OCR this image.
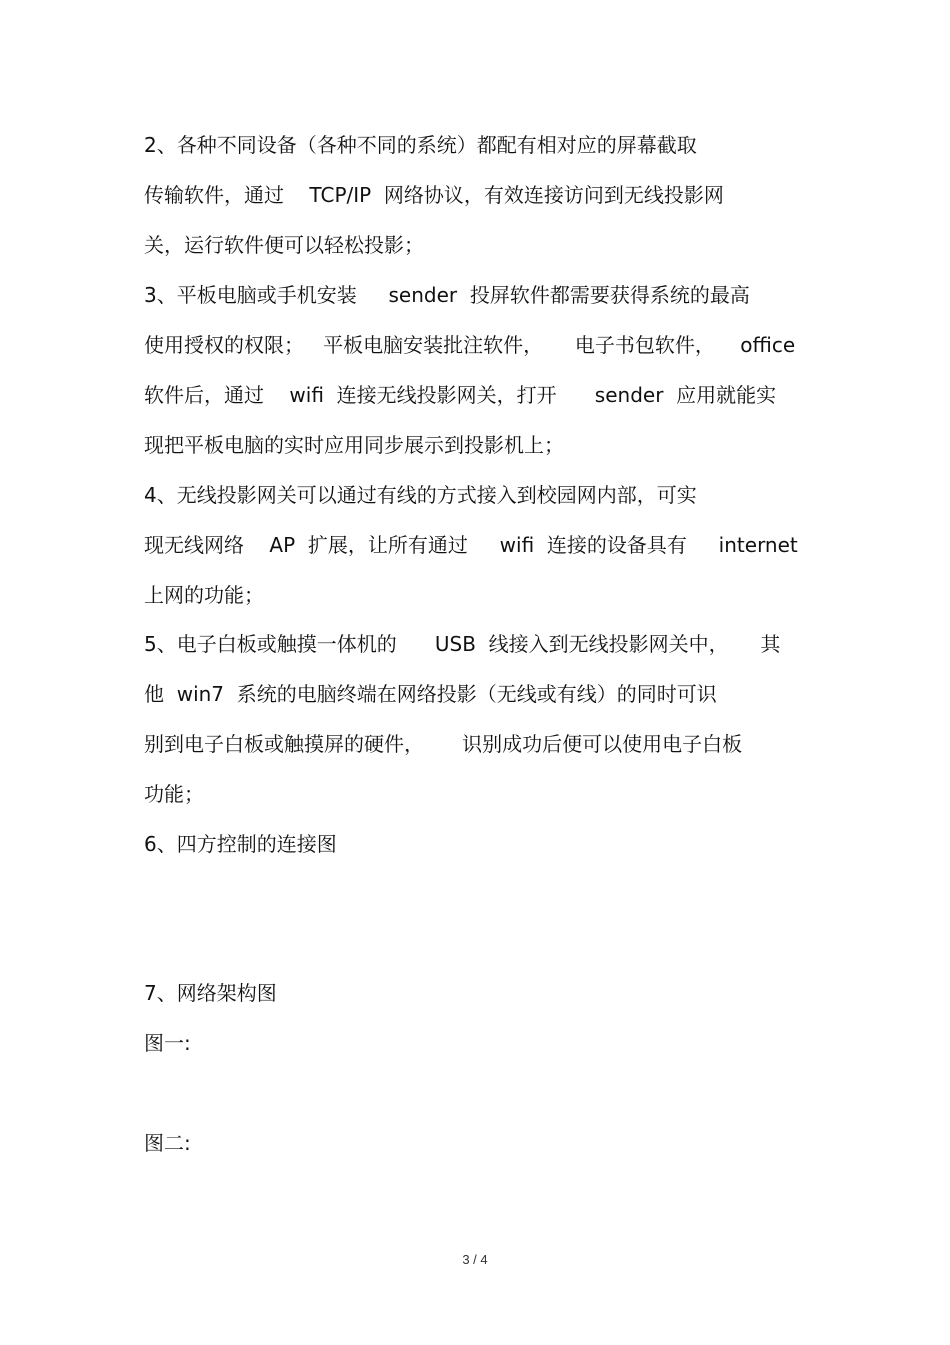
2、各种不同设备（各种不同的系统）都配有相对应的屏幕截取
传输软件，通过    TCP/IP  网络协议，有效连接访问到无线投影网
关，运行软件便可以轻松投影；
3、平板电脑或手机安装     sender  投屏软件都需要获得系统的最高
使用授权的权限；   平板电脑安装批注软件，     电子书包软件，    office
软件后，通过    wifi  连接无线投影网关，打开      sender  应用就能实
现把平板电脑的实时应用同步展示到投影机上；
4、无线投影网关可以通过有线的方式接入到校园网内部，可实
现无线网络    AP  扩展，让所有通过     wifi  连接的设备具有     internet
上网的功能；
5、电子白板或触摸一体机的      USB  线接入到无线投影网关中，     其
他  win7  系统的电脑终端在网络投影（无线或有线）的同时可识
别到电子白板或触摸屏的硬件，      识别成功后便可以使用电子白板
功能；
6、四方控制的连接图
7、网络架构图
图一:
图二:
3 / 4
